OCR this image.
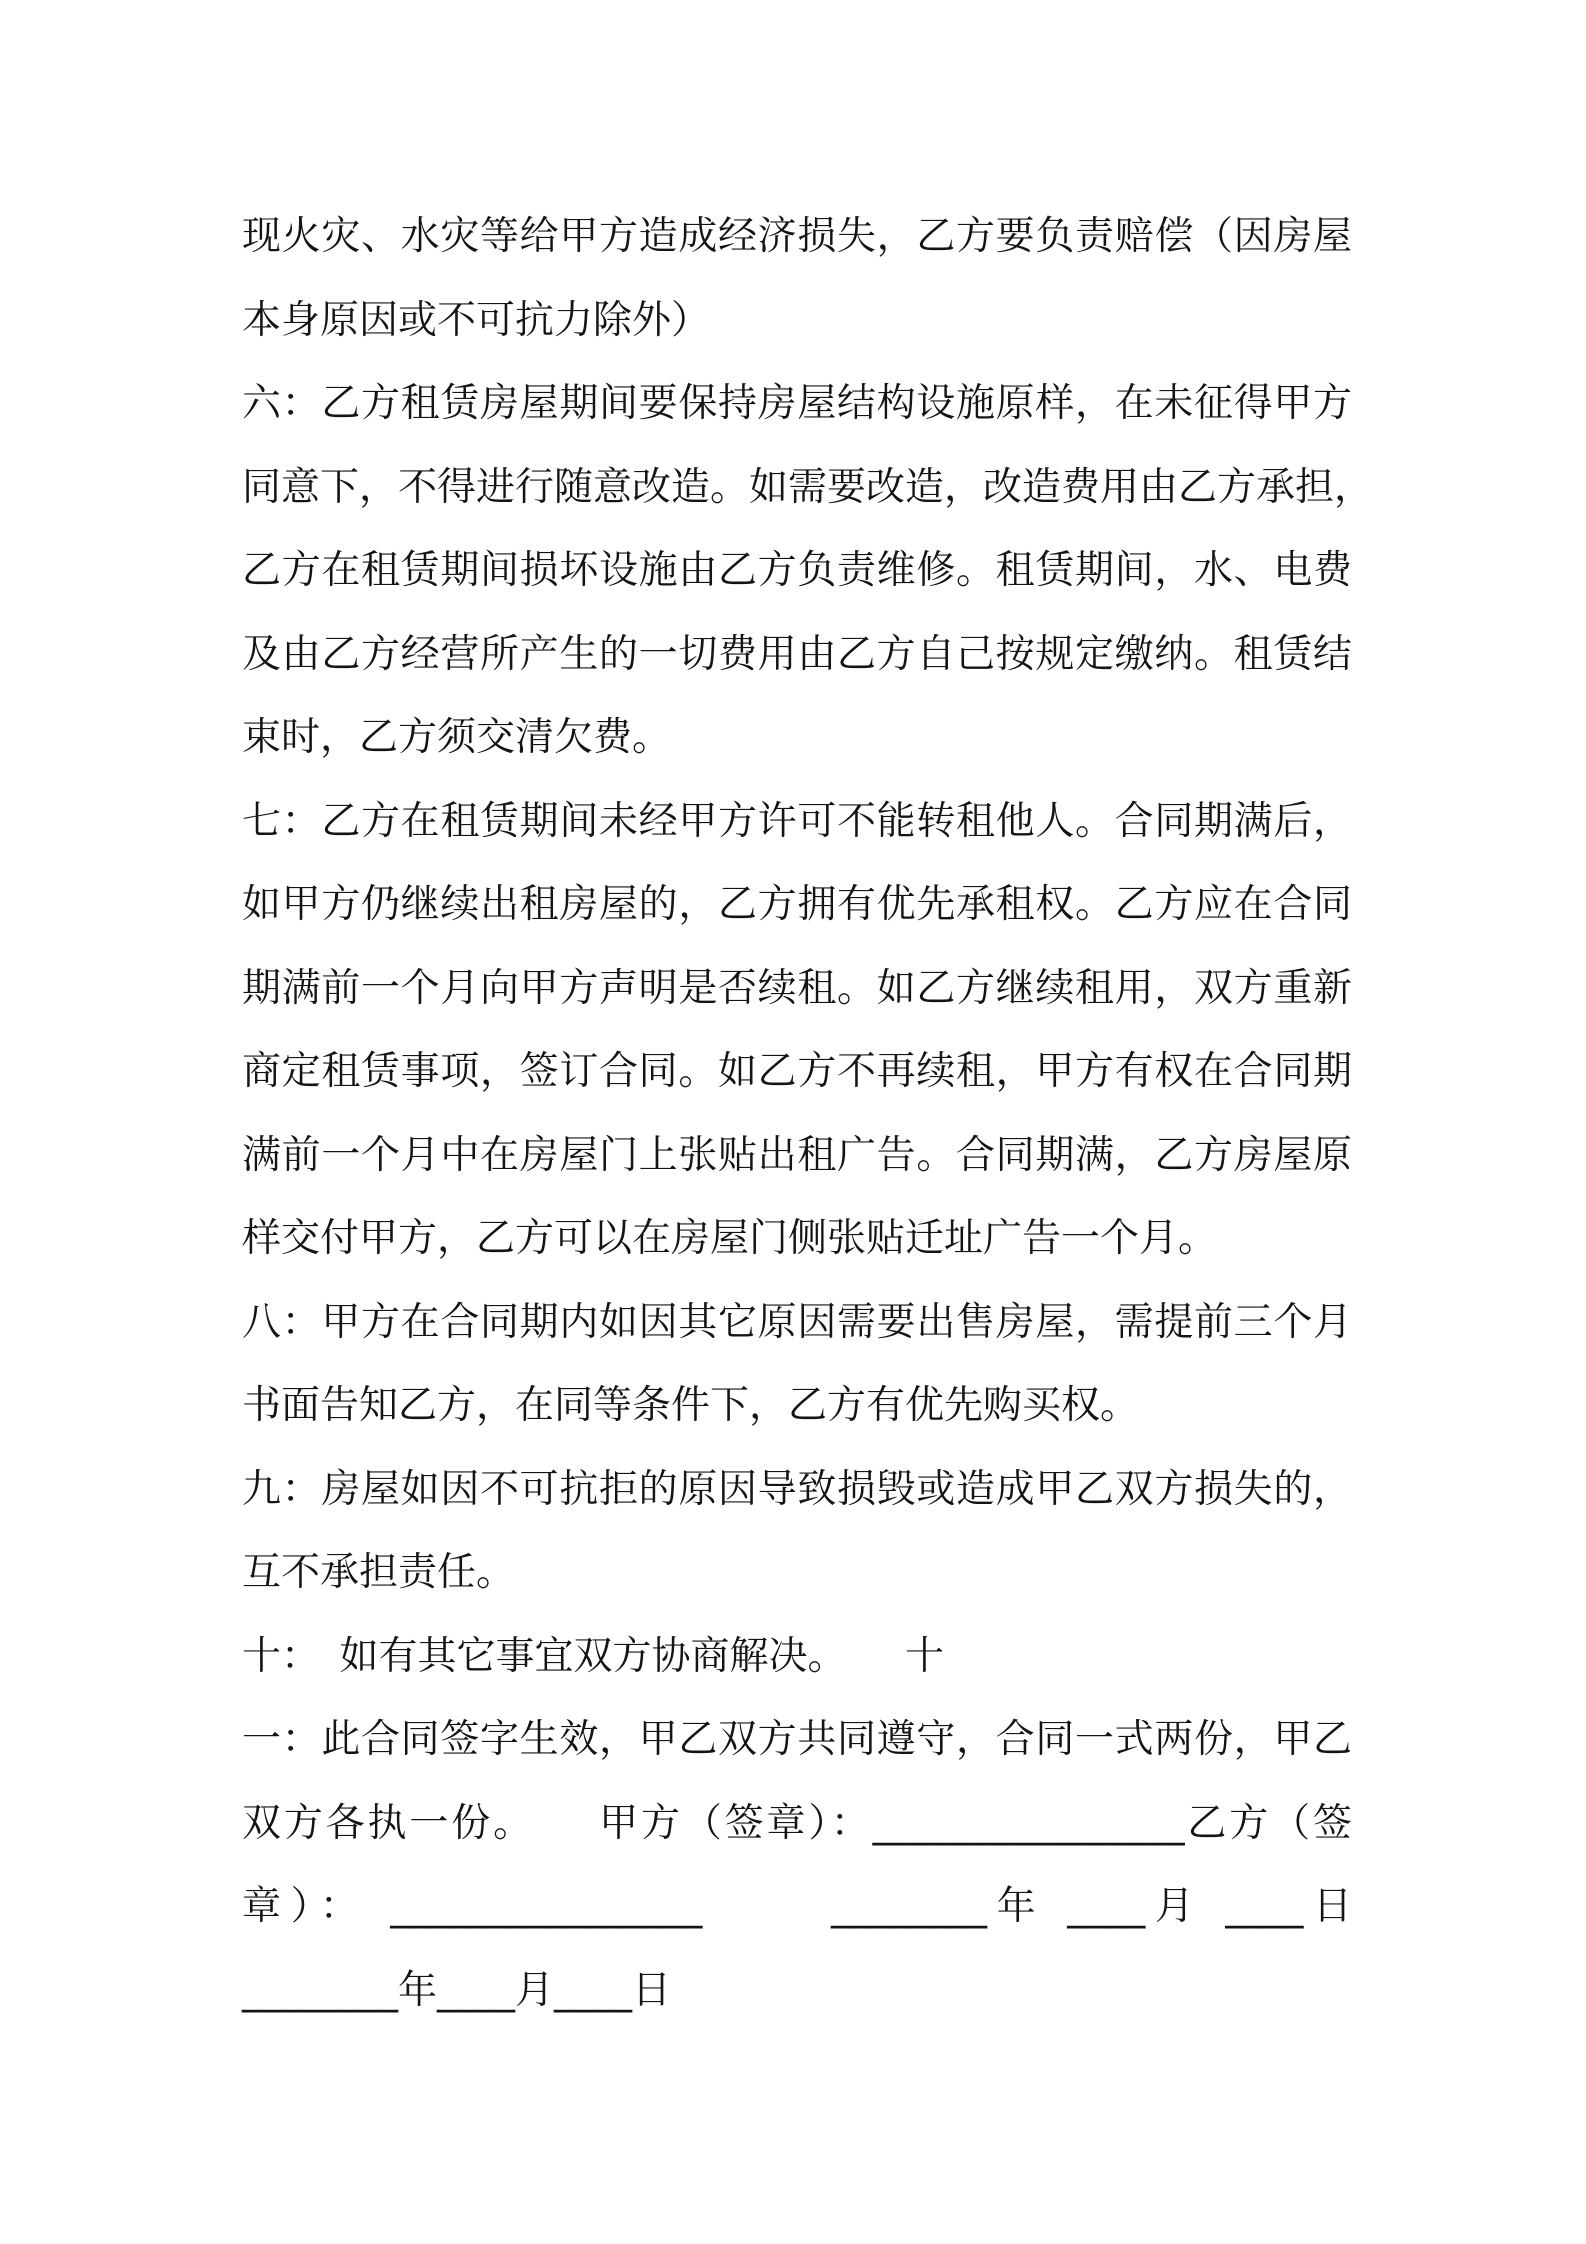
现火灾、水灾等给甲方造成经济损失，乙方要负责赔偿（因房屋
本身原因或不可抗力除外）
六：乙方租赁房屋期间要保持房屋结构设施原样，在未征得甲方
同意下，不得进行随意改造。如需要改造，改造费用由乙方承担，
乙方在租赁期间损坏设施由乙方负责维修。租赁期间，水、电费
及由乙方经营所产生的一切费用由乙方自己按规定缴纳。租赁结
束时，乙方须交清欠费。
七：乙方在租赁期间未经甲方许可不能转租他人。合同期满后，
如甲方仍继续出租房屋的，乙方拥有优先承租权。乙方应在合同
期满前一个月向甲方声明是否续租。如乙方继续租用，双方重新
商定租赁事项，签订合同。如乙方不再续租，甲方有权在合同期
满前一个月中在房屋门上张贴出租广告。合同期满，乙方房屋原
样交付甲方，乙方可以在房屋门侧张贴迁址广告一个月。
八：甲方在合同期内如因其它原因需要出售房屋，需提前三个月
书面告知乙方，在同等条件下，乙方有优先购买权。
九：房屋如因不可抗拒的原因导致损毁或造成甲乙双方损失的，
互不承担责任。
十：　如有其它事宜双方协商解决。　　十
一：此合同签字生效，甲乙双方共同遵守，合同一式两份，甲乙
双方各执一份。　　甲方（签章）：________________乙方（签
章）： ________________　　 ________年 ____月 ____日
________年____月____日
